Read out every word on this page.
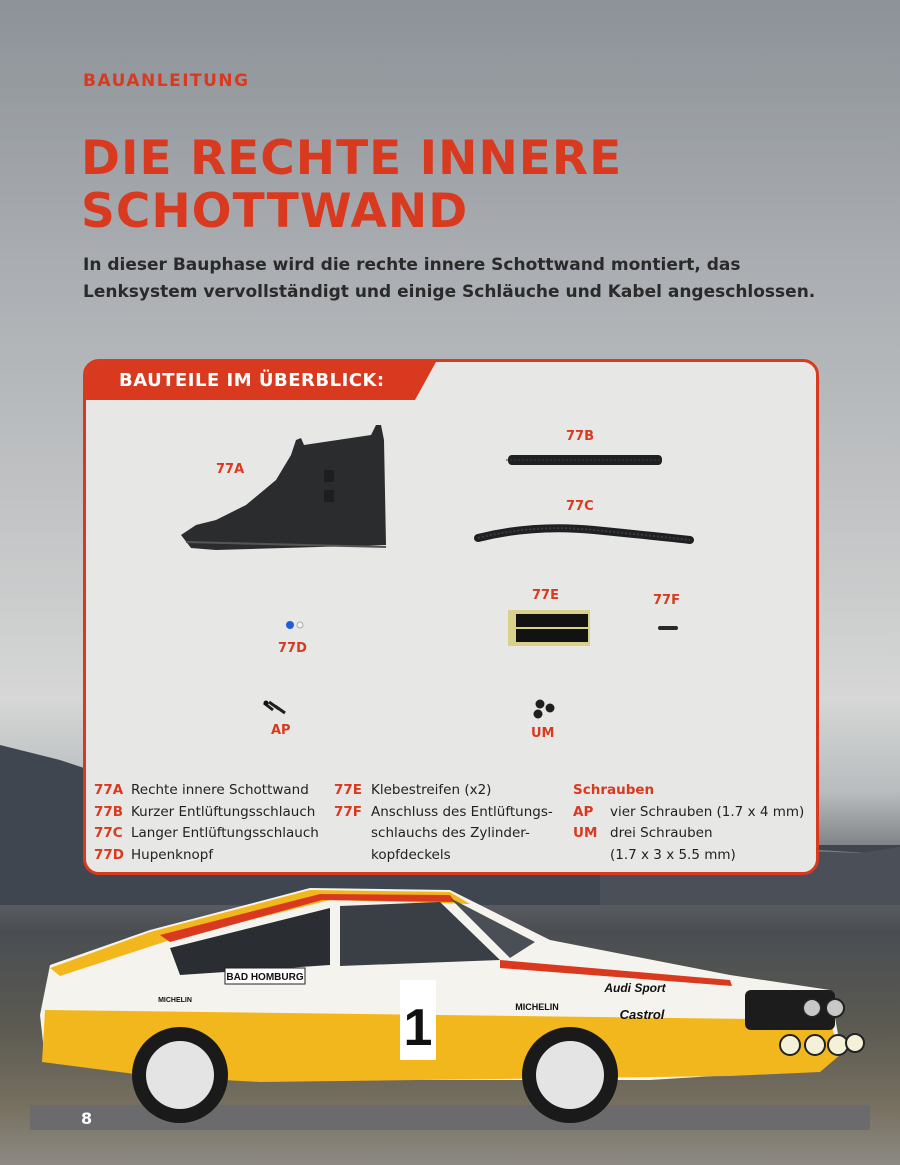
BAUANLEITUNG

DIE RECHTE INNERE
SCHOTTWAND

In dieser Bauphase wird die rechte innere Schottwand montiert, das Lenksystem vervollständigt und einige Schläuche und Kabel angeschlossen.

BAUTEILE IM ÜBERBLICK:

77A
77B
77C
77D
77E	77F
AP	UM
77A Rechte innere Schottwand
77B Kurzer Entlüftungsschlauch
77C Langer Entlüftungsschlauch
77D Hupenknopf
77E Klebestreifen (x2)
77F Anschluss des Entlüftungs-
schlauchs des Zylinder-
kopfdeckels
Schrauben
AP	vier Schrauben (1.7 x 4 mm)
UM drei Schrauben
(1.7 x 3 x 5.5 mm)
BAD HOMBURG
1
Audi Sport
Castrol
MICHELIN
MICHELIN

8
